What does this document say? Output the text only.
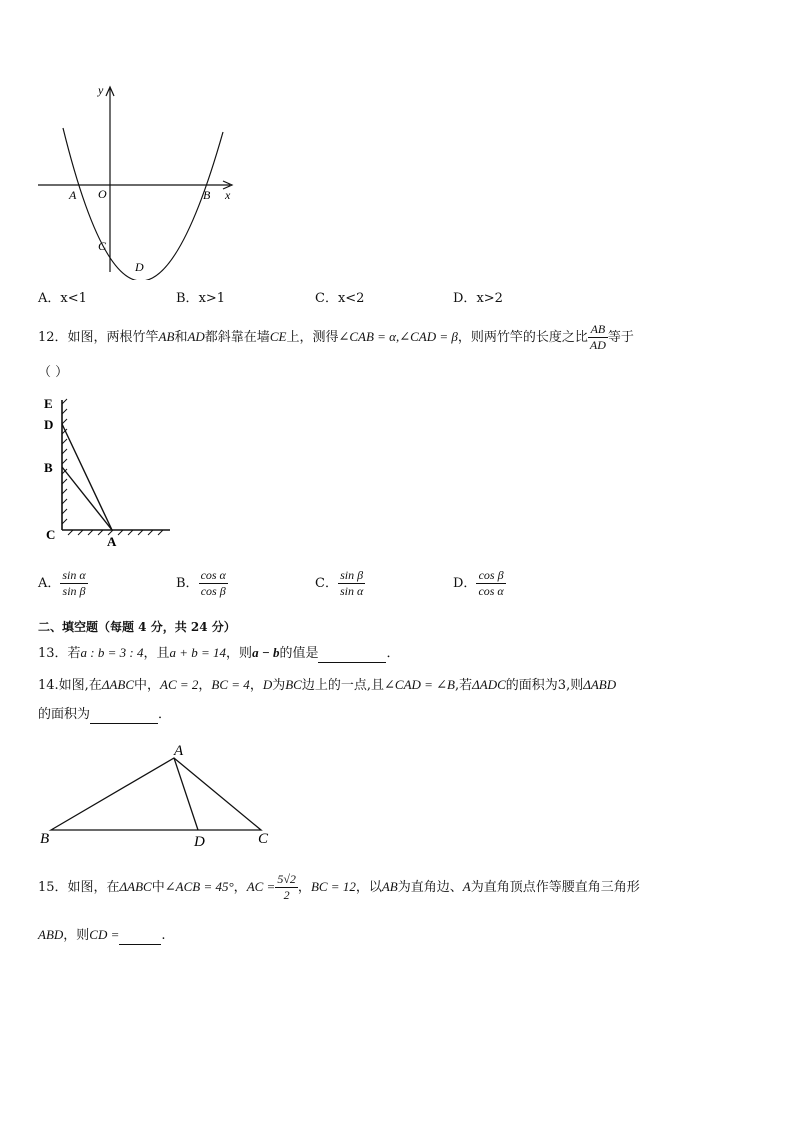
y
x
O
A	B
C
D
A．x<1	B．x>1	C．x<2	D．x>2
12．如图，两根竹竿AB和AD都斜靠在墙CE上，测得∠CAB = α,∠CAD = β，则两竹竿的长度之比 $\frac{AB}{AD}$ 等于
（ ）
E
D
B
C	A
A． $\frac{\text{sin α}}{\text{sin β}}$	B． $\frac{\text{cos α}}{\text{cos β}}$	C． $\frac{\text{sin β}}{\text{sin α}}$	D． $\frac{\text{cos β}}{\text{cos α}}$
二、填空题（每题 4 分，共 24 分）
13．若a : b = 3 : 4，且a + b = 14，则a − b的值是	．
14.如图,在ΔABC中，AC = 2，BC = 4，D为BC边上的一点,且∠CAD = ∠B,若ΔADC的面积为3,则ΔABD
的面积为	．
A
B	D	C
15．如图，在ΔABC中∠ACB = 45°，AC = $\frac{5√2}{2}$ ，BC = 12，以AB为直角边、A为直角顶点作等腰直角三角形
ABD，则CD =	.
